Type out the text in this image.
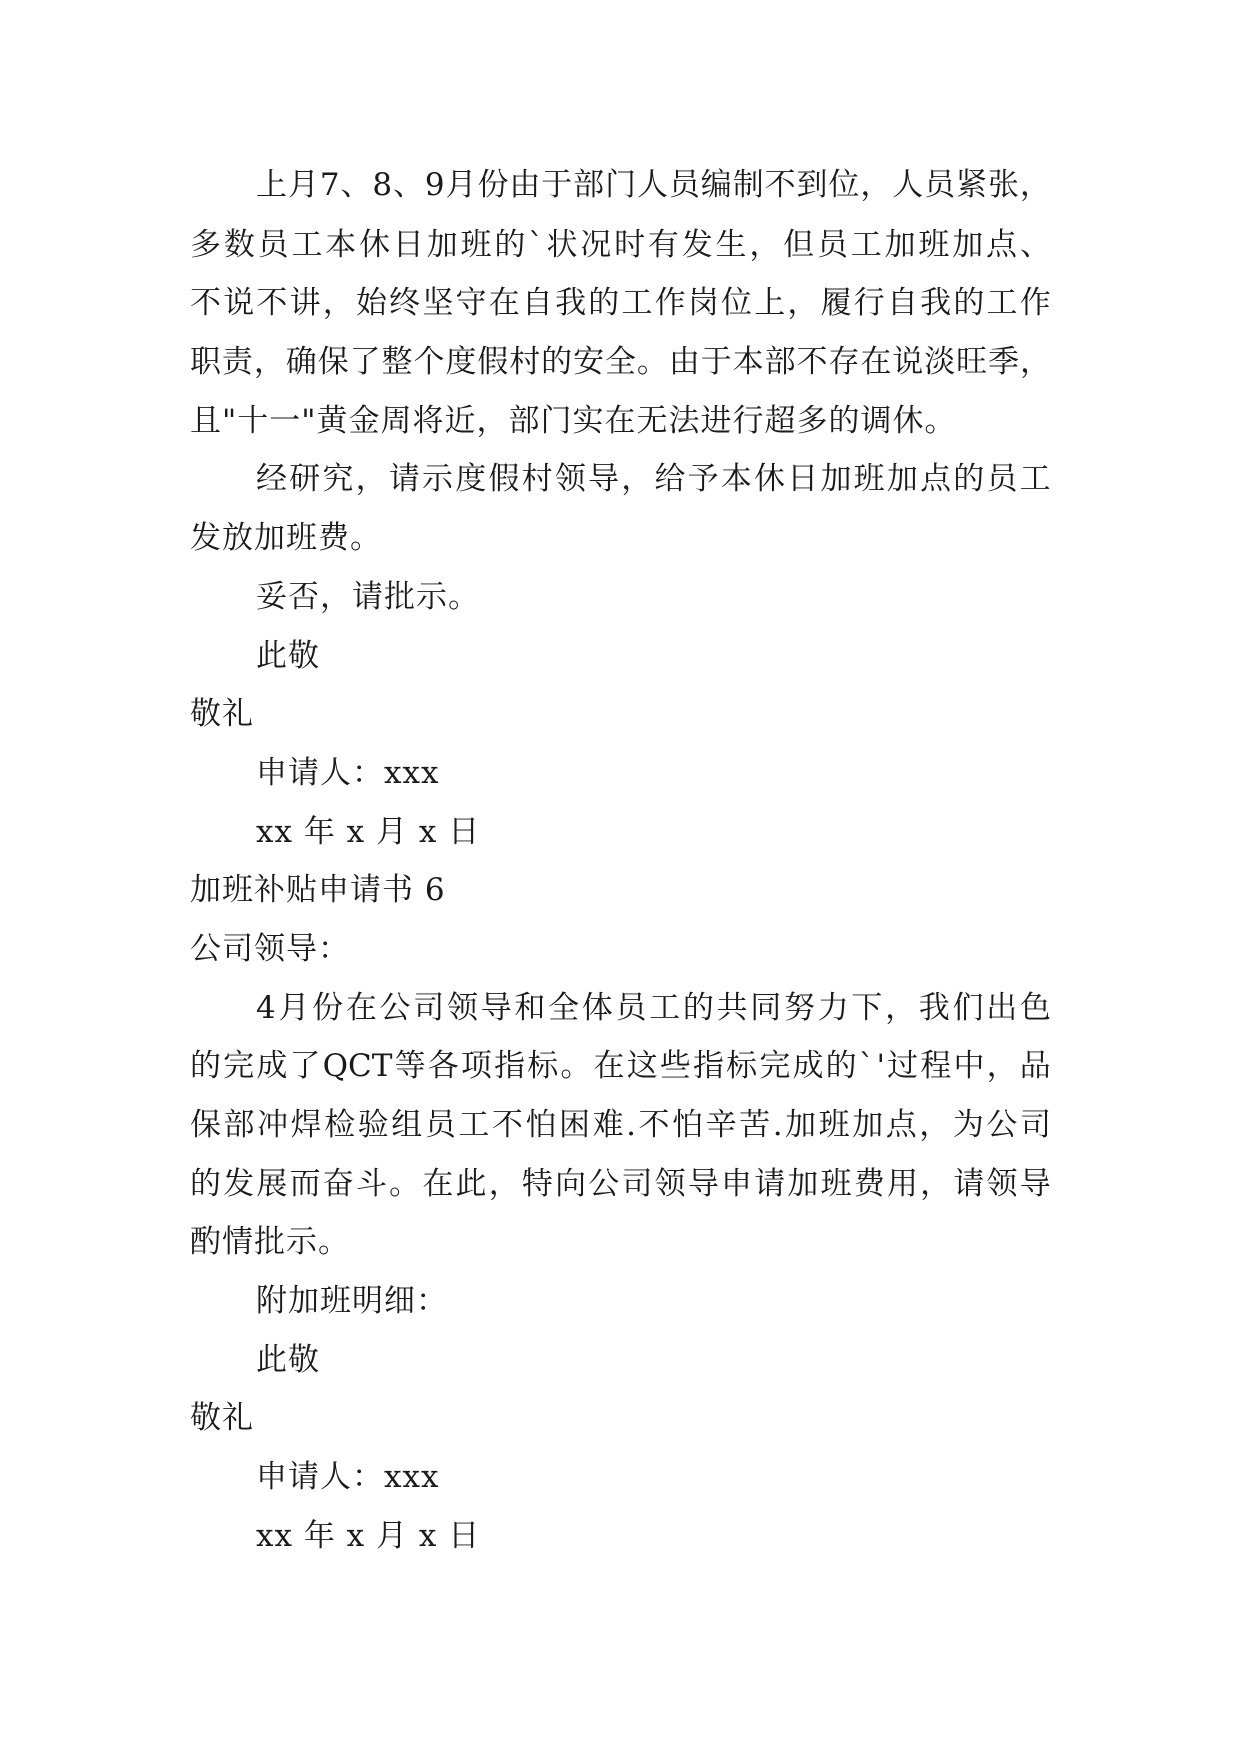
上 月 7 、 8 、 9 月 份 由 于 部 门 人 员 编 制 不 到 位 ， 人 员 紧 张 ，
多 数 员 工 本 休 日 加 班 的 ` 状 况 时 有 发 生 ， 但 员 工 加 班 加 点 、
不 说 不 讲 ， 始 终 坚 守 在 自 我 的 工 作 岗 位 上 ， 履 行 自 我 的 工 作
职 责 ， 确 保 了 整 个 度 假 村 的 安 全 。 由 于 本 部 不 存 在 说 淡 旺 季 ，
且"十一"黄金周将近，部门实在无法进行超多的调休。
经 研 究 ， 请 示 度 假 村 领 导 ， 给 予 本 休 日 加 班 加 点 的 员 工
发放加班费。
妥否，请批示。
此敬
敬礼
申请人：xxx
xx 年 x 月 x 日
加班补贴申请书 6
公司领导：
4 月 份 在 公 司 领 导 和 全 体 员 工 的 共 同 努 力 下 ， 我 们 出 色
的 完 成 了 QCT 等 各 项 指 标 。 在 这 些 指 标 完 成 的 ` ' 过 程 中 ， 品
保 部 冲 焊 检 验 组 员 工 不 怕 困 难 . 不 怕 辛 苦 . 加 班 加 点 ， 为 公 司
的 发 展 而 奋 斗 。 在 此 ， 特 向 公 司 领 导 申 请 加 班 费 用 ， 请 领 导
酌情批示。
附加班明细：
此敬
敬礼
申请人：xxx
xx 年 x 月 x 日
